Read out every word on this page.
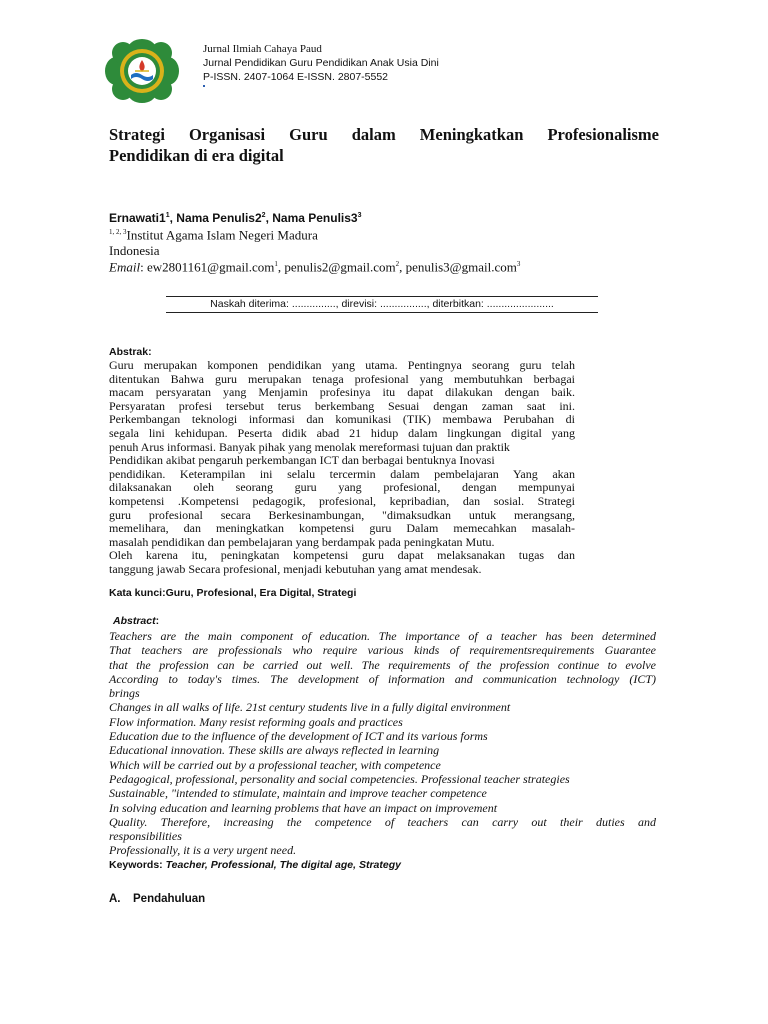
Jurnal Ilmiah Cahaya Paud
Jurnal Pendidikan Guru Pendidikan Anak Usia Dini
P-ISSN. 2407-1064 E-ISSN. 2807-5552
Strategi Organisasi Guru dalam Meningkatkan Profesionalisme
Pendidikan di era digital
$Ernawati1^1$, Nama $Penulis2^2$, Nama $Penulis3^3$
$^{1, 2, 3}$Institut Agama Islam Negeri Madura
Indonesia
Email: ew2801161@gmail.com$^1$, penulis2@gmail.com$^2$, penulis3@gmail.com$^3$
Naskah diterima: ..............., direvisi: ................, diterbitkan: .......................
Abstrak:
Guru merupakan komponen pendidikan yang utama. Pentingnya seorang guru telah
ditentukan Bahwa guru merupakan tenaga profesional yang membutuhkan berbagai
macam persyaratan yang Menjamin profesinya itu dapat dilakukan dengan baik.
Persyaratan profesi tersebut terus berkembang Sesuai dengan zaman saat ini.
Perkembangan teknologi informasi dan komunikasi (TIK) membawa Perubahan di
segala lini kehidupan. Peserta didik abad 21 hidup dalam lingkungan digital yang
penuh Arus informasi. Banyak pihak yang menolak mereformasi tujuan dan praktik
Pendidikan akibat pengaruh perkembangan ICT dan berbagai bentuknya Inovasi
pendidikan. Keterampilan ini selalu tercermin dalam pembelajaran Yang akan
dilaksanakan oleh seorang guru yang profesional, dengan mempunyai
kompetensi .Kompetensi pedagogik, profesional, kepribadian, dan sosial. Strategi
guru profesional secara Berkesinambungan, "dimaksudkan untuk merangsang,
memelihara, dan meningkatkan kompetensi guru Dalam memecahkan masalah-
masalah pendidikan dan pembelajaran yang berdampak pada peningkatan Mutu.
Oleh karena itu, peningkatan kompetensi guru dapat melaksanakan tugas dan
tanggung jawab Secara profesional, menjadi kebutuhan yang amat mendesak.
Kata kunci:Guru, Profesional, Era Digital, Strategi
Abstract:
Teachers are the main component of education. The importance of a teacher has been determined
That teachers are professionals who require various kinds of requirementsrequirements Guarantee
that the profession can be carried out well. The requirements of the profession continue to evolve
According to today's times. The development of information and communication technology (ICT)
brings
Changes in all walks of life. 21st century students live in a fully digital environment
Flow information. Many resist reforming goals and practices
Education due to the influence of the development of ICT and its various forms
Educational innovation. These skills are always reflected in learning
Which will be carried out by a professional teacher, with competence
Pedagogical, professional, personality and social competencies. Professional teacher strategies
Sustainable, "intended to stimulate, maintain and improve teacher competence
In solving education and learning problems that have an impact on improvement
Quality. Therefore, increasing the competence of teachers can carry out their duties and
responsibilities
Professionally, it is a very urgent need.
Keywords: Teacher, Professional, The digital age, Strategy
A. Pendahuluan
